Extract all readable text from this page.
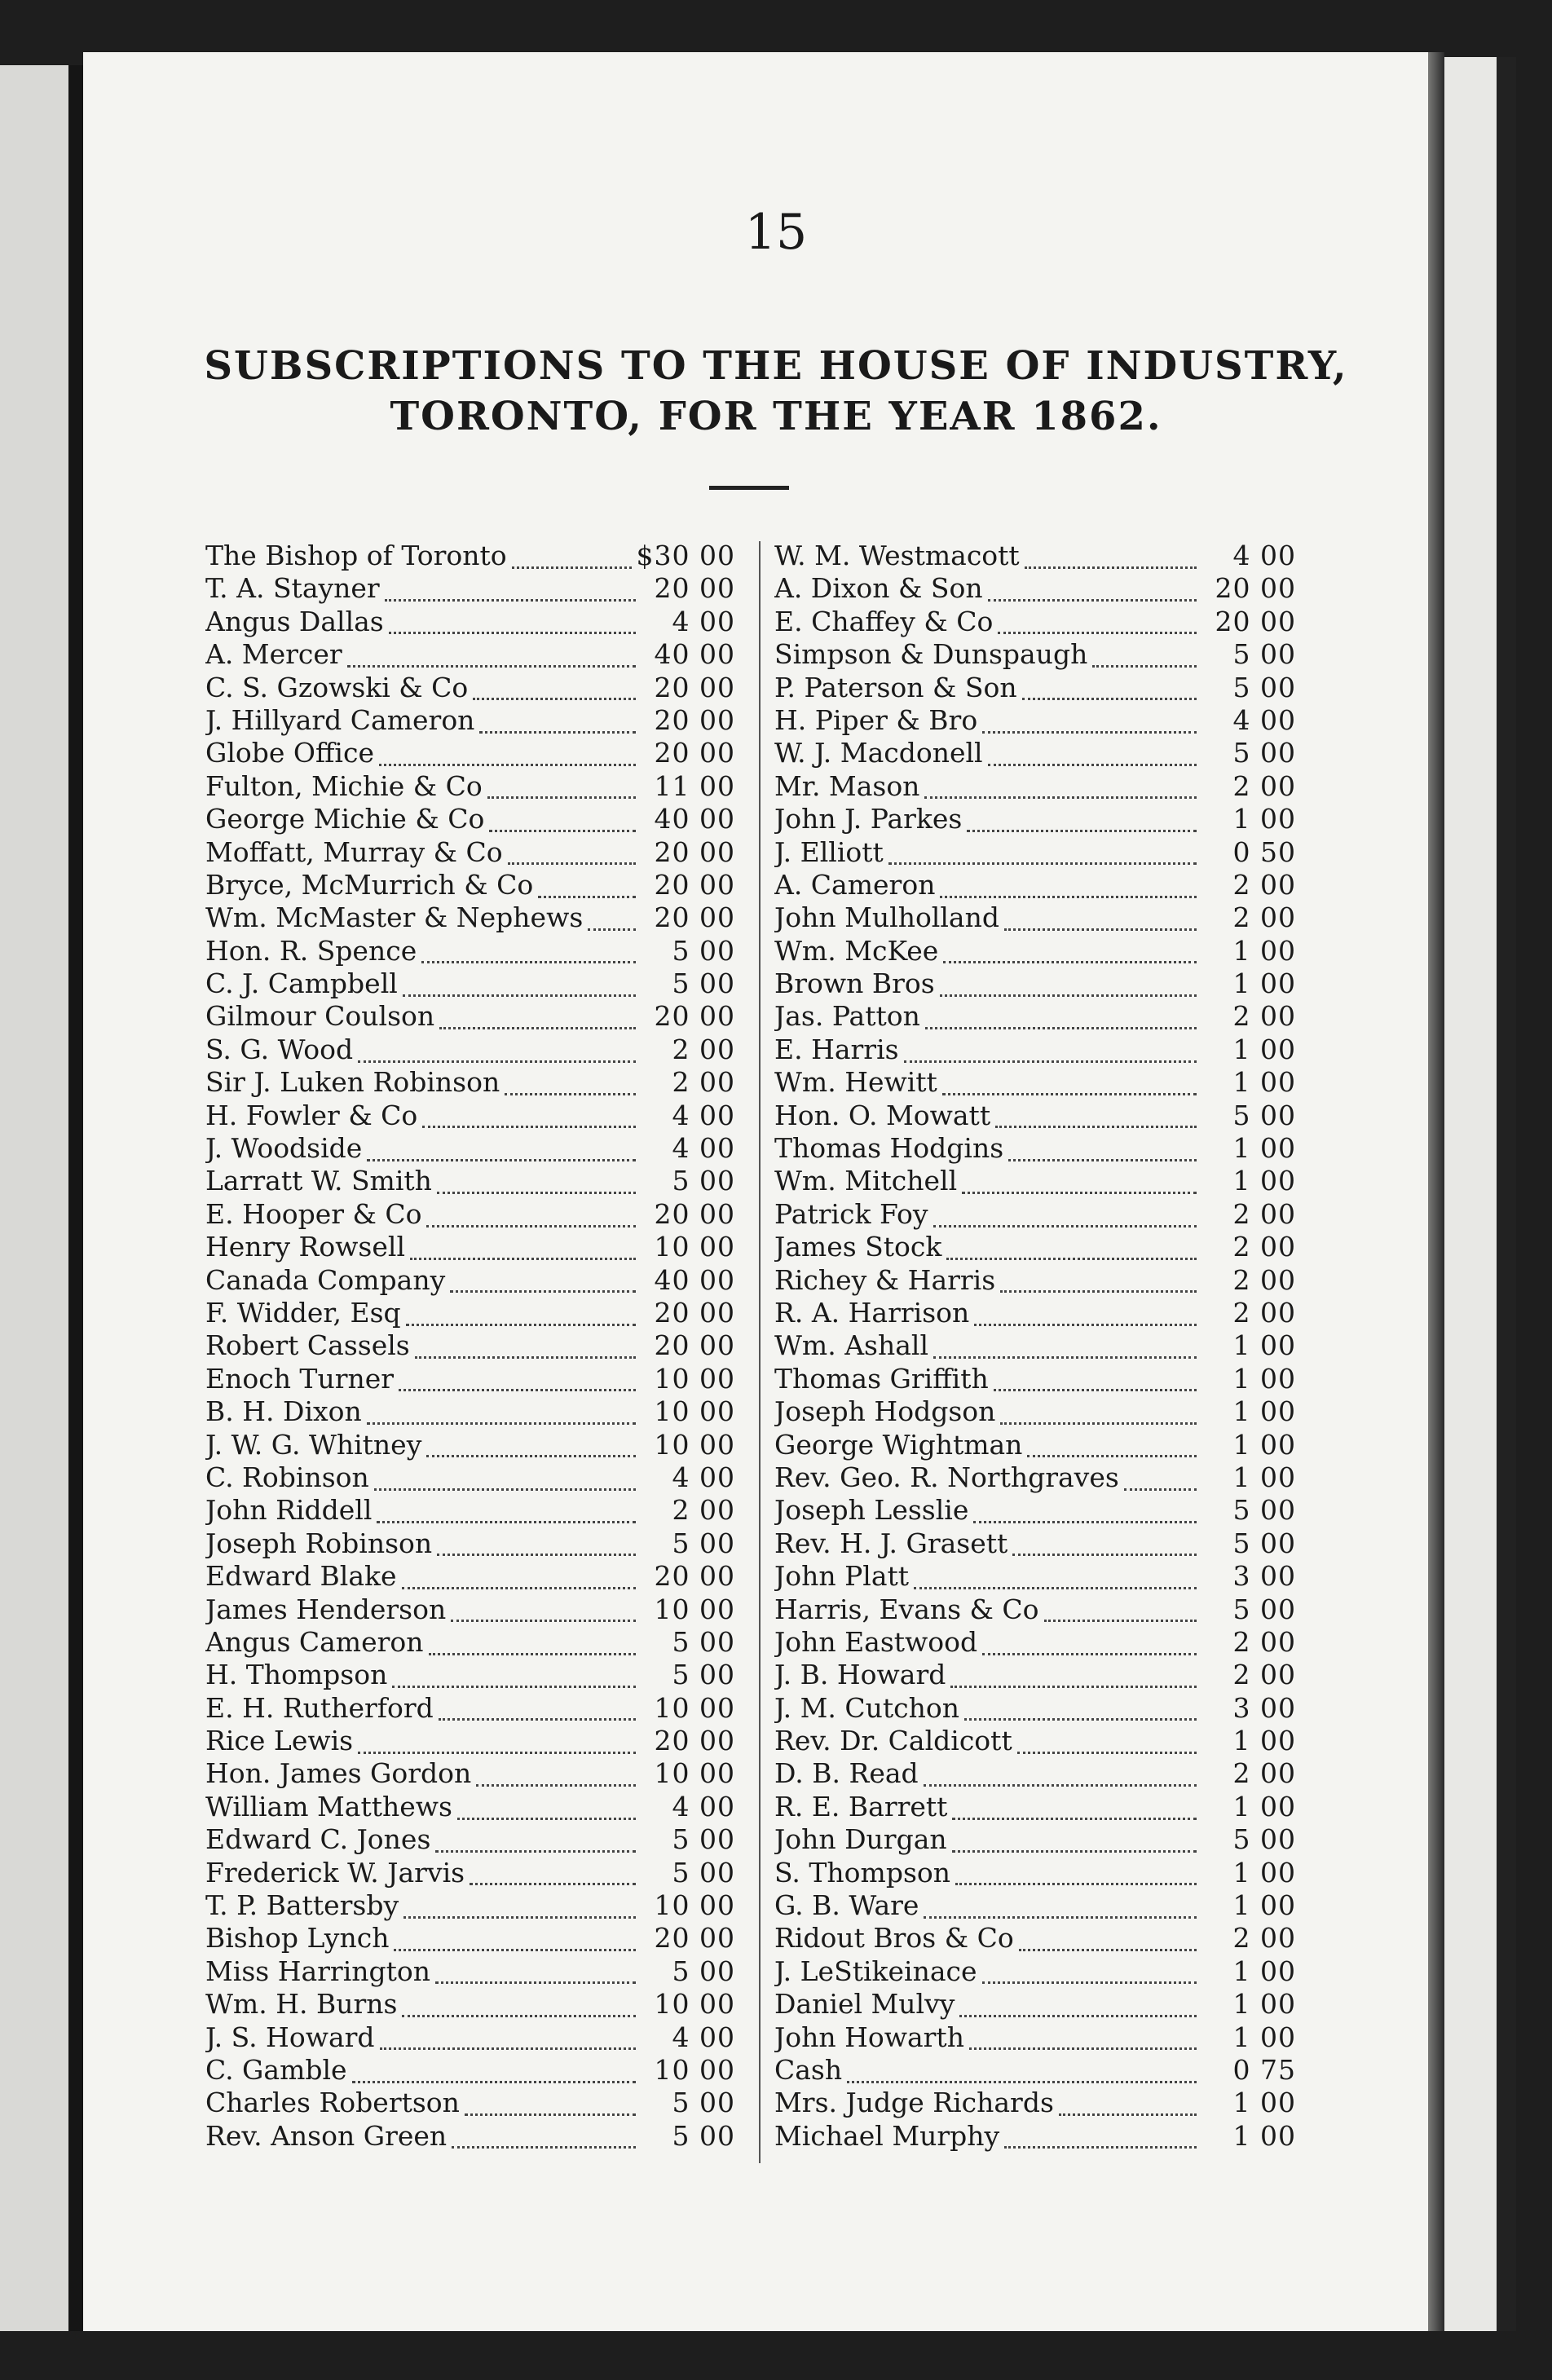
15
SUBSCRIPTIONS TO THE HOUSE OF INDUSTRY,
TORONTO, FOR THE YEAR 1862.
The Bishop of Toronto	$30 00
T. A. Stayner	20 00
Angus Dallas	4 00
A. Mercer	40 00
C. S. Gzowski & Co	20 00
J. Hillyard Cameron	20 00
Globe Office	20 00
Fulton, Michie & Co	11 00
George Michie & Co	40 00
Moffatt, Murray & Co	20 00
Bryce, McMurrich & Co	20 00
Wm. McMaster & Nephews	20 00
Hon. R. Spence	5 00
C. J. Campbell	5 00
Gilmour Coulson	20 00
S. G. Wood	2 00
Sir J. Luken Robinson	2 00
H. Fowler & Co	4 00
J. Woodside	4 00
Larratt W. Smith	5 00
E. Hooper & Co	20 00
Henry Rowsell	10 00
Canada Company	40 00
F. Widder, Esq	20 00
Robert Cassels	20 00
Enoch Turner	10 00
B. H. Dixon	10 00
J. W. G. Whitney	10 00
C. Robinson	4 00
John Riddell	2 00
Joseph Robinson	5 00
Edward Blake	20 00
James Henderson	10 00
Angus Cameron	5 00
H. Thompson	5 00
E. H. Rutherford	10 00
Rice Lewis	20 00
Hon. James Gordon	10 00
William Matthews	4 00
Edward C. Jones	5 00
Frederick W. Jarvis	5 00
T. P. Battersby	10 00
Bishop Lynch	20 00
Miss Harrington	5 00
Wm. H. Burns	10 00
J. S. Howard	4 00
C. Gamble	10 00
Charles Robertson	5 00
Rev. Anson Green	5 00
W. M. Westmacott	4 00
A. Dixon & Son	20 00
E. Chaffey & Co	20 00
Simpson & Dunspaugh	5 00
P. Paterson & Son	5 00
H. Piper & Bro	4 00
W. J. Macdonell	5 00
Mr. Mason	2 00
John J. Parkes	1 00
J. Elliott	0 50
A. Cameron	2 00
John Mulholland	2 00
Wm. McKee	1 00
Brown Bros	1 00
Jas. Patton	2 00
E. Harris	1 00
Wm. Hewitt	1 00
Hon. O. Mowatt	5 00
Thomas Hodgins	1 00
Wm. Mitchell	1 00
Patrick Foy	2 00
James Stock	2 00
Richey & Harris	2 00
R. A. Harrison	2 00
Wm. Ashall	1 00
Thomas Griffith	1 00
Joseph Hodgson	1 00
George Wightman	1 00
Rev. Geo. R. Northgraves	1 00
Joseph Lesslie	5 00
Rev. H. J. Grasett	5 00
John Platt	3 00
Harris, Evans & Co	5 00
John Eastwood	2 00
J. B. Howard	2 00
J. M. Cutchon	3 00
Rev. Dr. Caldicott	1 00
D. B. Read	2 00
R. E. Barrett	1 00
John Durgan	5 00
S. Thompson	1 00
G. B. Ware	1 00
Ridout Bros & Co	2 00
J. LeStikeinace	1 00
Daniel Mulvy	1 00
John Howarth	1 00
Cash	0 75
Mrs. Judge Richards	1 00
Michael Murphy	1 00
